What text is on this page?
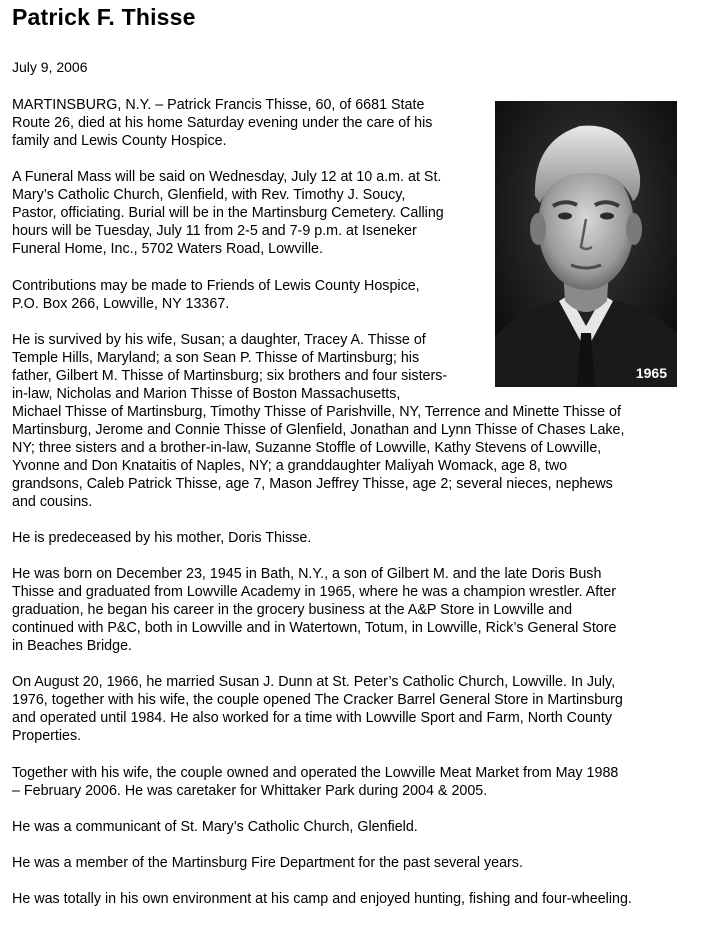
Patrick F. Thisse
July 9, 2006
1965

MARTINSBURG, N.Y. – Patrick Francis Thisse, 60, of 6681 State
Route 26, died at his home Saturday evening under the care of his
family and Lewis County Hospice.

A Funeral Mass will be said on Wednesday, July 12 at 10 a.m. at St.
Mary’s Catholic Church, Glenfield, with Rev. Timothy J. Soucy,
Pastor, officiating. Burial will be in the Martinsburg Cemetery. Calling
hours will be Tuesday, July 11 from 2-5 and 7-9 p.m. at Iseneker
Funeral Home, Inc., 5702 Waters Road, Lowville.

Contributions may be made to Friends of Lewis County Hospice,
P.O. Box 266, Lowville, NY 13367.

He is survived by his wife, Susan; a daughter, Tracey A. Thisse of
Temple Hills, Maryland; a son Sean P. Thisse of Martinsburg; his
father, Gilbert M. Thisse of Martinsburg; six brothers and four sisters-
in-law, Nicholas and Marion Thisse of Boston Massachusetts,
Michael Thisse of Martinsburg, Timothy Thisse of Parishville, NY, Terrence and Minette Thisse of
Martinsburg, Jerome and Connie Thisse of Glenfield, Jonathan and Lynn Thisse of Chases Lake,
NY; three sisters and a brother-in-law, Suzanne Stoffle of Lowville, Kathy Stevens of Lowville,
Yvonne and Don Knataitis of Naples, NY; a granddaughter Maliyah Womack, age 8, two
grandsons, Caleb Patrick Thisse, age 7, Mason Jeffrey Thisse, age 2; several nieces, nephews
and cousins.

He is predeceased by his mother, Doris Thisse.

He was born on December 23, 1945 in Bath, N.Y., a son of Gilbert M. and the late Doris Bush
Thisse and graduated from Lowville Academy in 1965, where he was a champion wrestler. After
graduation, he began his career in the grocery business at the A&P Store in Lowville and
continued with P&C, both in Lowville and in Watertown, Totum, in Lowville, Rick’s General Store
in Beaches Bridge.

On August 20, 1966, he married Susan J. Dunn at St. Peter’s Catholic Church, Lowville. In July,
1976, together with his wife, the couple opened The Cracker Barrel General Store in Martinsburg
and operated until 1984. He also worked for a time with Lowville Sport and Farm, North County
Properties.

Together with his wife, the couple owned and operated the Lowville Meat Market from May 1988
– February 2006. He was caretaker for Whittaker Park during 2004 & 2005.

He was a communicant of St. Mary’s Catholic Church, Glenfield.

He was a member of the Martinsburg Fire Department for the past several years.

He was totally in his own environment at his camp and enjoyed hunting, fishing and four-wheeling.
